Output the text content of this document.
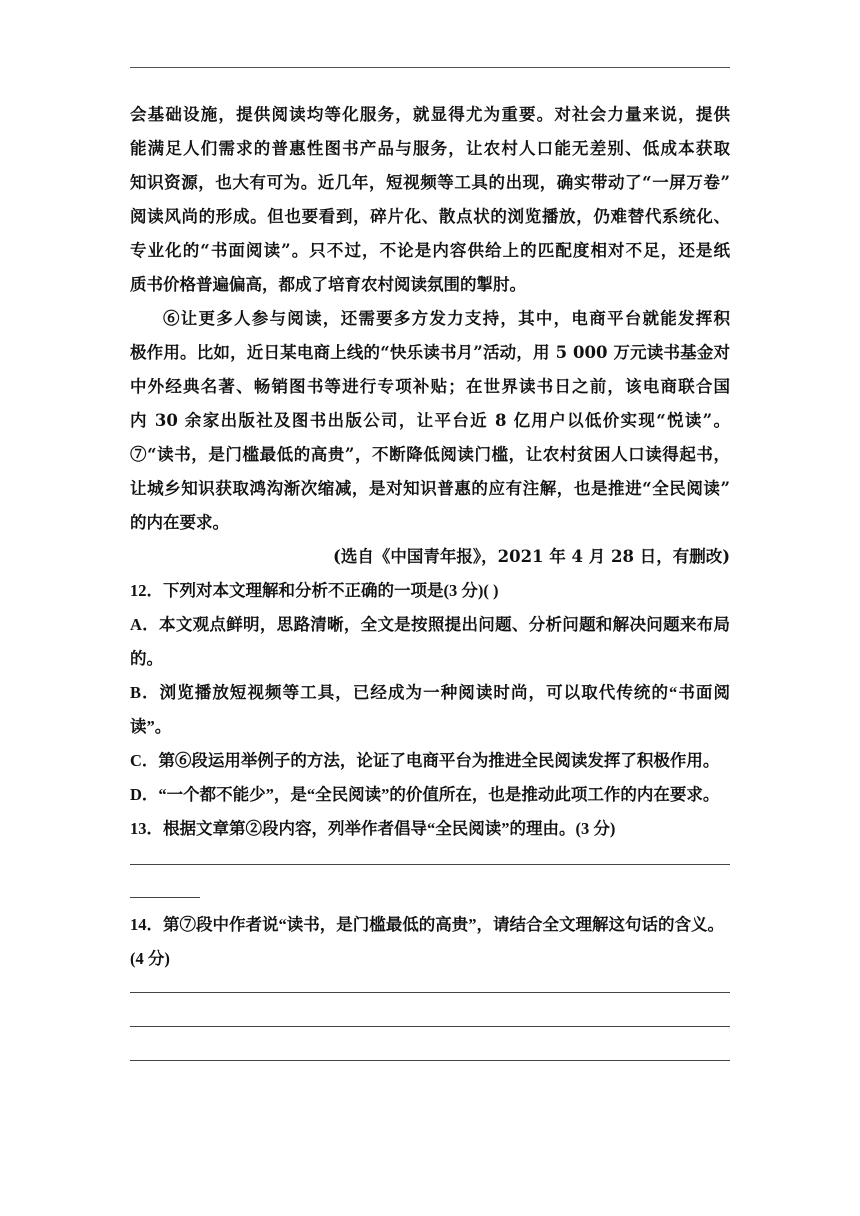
会基础设施，提供阅读均等化服务，就显得尤为重要。对社会力量来说，提供
能满足人们需求的普惠性图书产品与服务，让农村人口能无差别、低成本获取
知识资源，也大有可为。近几年，短视频等工具的出现，确实带动了“一屏万卷”
阅读风尚的形成。但也要看到，碎片化、散点状的浏览播放，仍难替代系统化、
专业化的“书面阅读”。只不过，不论是内容供给上的匹配度相对不足，还是纸
质书价格普遍偏高，都成了培育农村阅读氛围的掣肘。
⑥让更多人参与阅读，还需要多方发力支持，其中，电商平台就能发挥积
极作用。比如，近日某电商上线的“快乐读书月”活动，用 5 000 万元读书基金对
中外经典名著、畅销图书等进行专项补贴；在世界读书日之前，该电商联合国
内 30 余家出版社及图书出版公司，让平台近 8 亿用户以低价实现“悦读”。
⑦“读书，是门槛最低的高贵”，不断降低阅读门槛，让农村贫困人口读得起书，
让城乡知识获取鸿沟渐次缩减，是对知识普惠的应有注解，也是推进“全民阅读”
的内在要求。
(选自《中国青年报》，2021 年 4 月 28 日，有删改)
12．下列对本文理解和分析不正确的一项是(3 分)( )
A．本文观点鲜明，思路清晰，全文是按照提出问题、分析问题和解决问题来布局的。
B．浏览播放短视频等工具，已经成为一种阅读时尚，可以取代传统的“书面阅读”。
C．第⑥段运用举例子的方法，论证了电商平台为推进全民阅读发挥了积极作用。
D．“一个都不能少”，是“全民阅读”的价值所在，也是推动此项工作的内在要求。
13．根据文章第②段内容，列举作者倡导“全民阅读”的理由。(3 分)
14．第⑦段中作者说“读书，是门槛最低的高贵”，请结合全文理解这句话的含义。(4 分)
